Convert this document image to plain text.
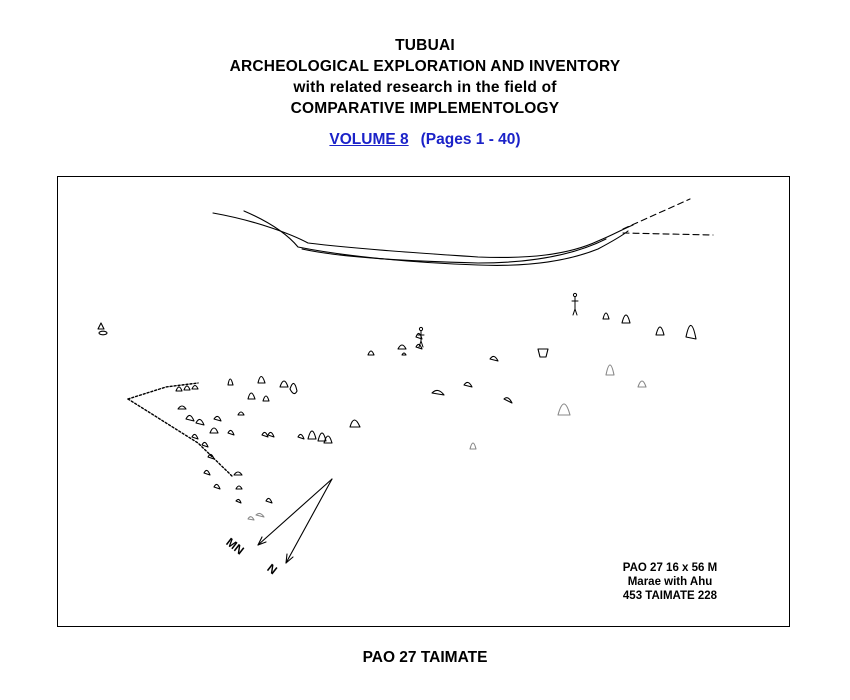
TUBUAI
ARCHEOLOGICAL EXPLORATION AND INVENTORY
with related research in the field of
COMPARATIVE IMPLEMENTOLOGY
VOLUME 8 (Pages 1 - 40)
MN
N	PAO 27 16 x 56 M
Marae with Ahu
453 TAIMATE 228
PAO 27 TAIMATE
